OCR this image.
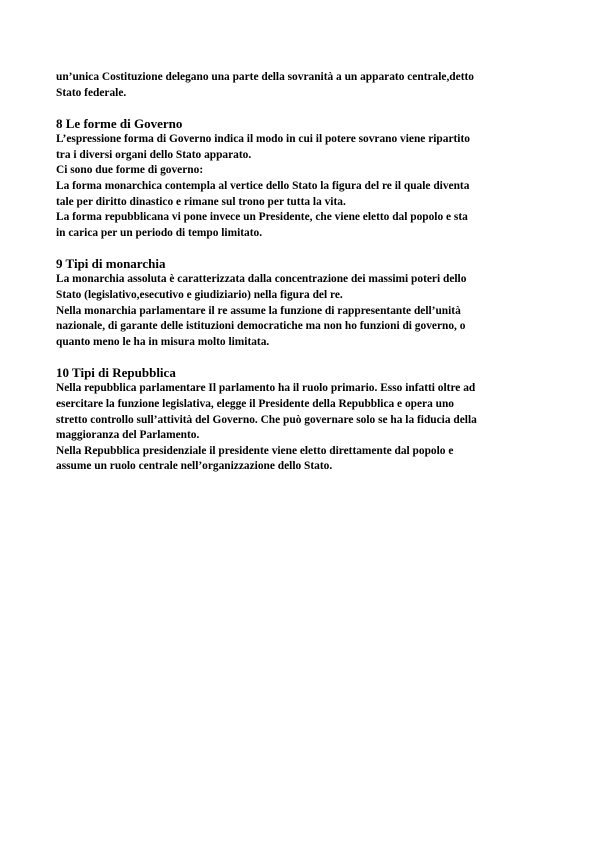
un’unica Costituzione delegano una parte della sovranità a un apparato centrale,detto
Stato federale.

8 Le forme di Governo

L’espressione forma di Governo indica il modo in cui il potere sovrano viene ripartito
tra i diversi organi dello Stato apparato.
Ci sono due forme di governo:
La forma monarchica contempla al vertice dello Stato la figura del re il quale diventa
tale per diritto dinastico e rimane sul trono per tutta la vita.
La forma repubblicana vi pone invece un Presidente, che viene eletto dal popolo e sta
in carica per un periodo di tempo limitato.

9 Tipi di monarchia

La monarchia assoluta è caratterizzata dalla concentrazione dei massimi poteri dello
Stato (legislativo,esecutivo e giudiziario) nella figura del re.
Nella monarchia parlamentare il re assume la funzione di rappresentante dell’unità
nazionale, di garante delle istituzioni democratiche ma non ho funzioni di governo, o
quanto meno le ha in misura molto limitata.

10 Tipi di Repubblica

Nella repubblica parlamentare Il parlamento ha il ruolo primario. Esso infatti oltre ad
esercitare la funzione legislativa, elegge il Presidente della Repubblica e opera uno
stretto controllo sull’attività del Governo. Che può governare solo se ha la fiducia della
maggioranza del Parlamento.
Nella Repubblica presidenziale il presidente viene eletto direttamente dal popolo e
assume un ruolo centrale nell’organizzazione dello Stato.
